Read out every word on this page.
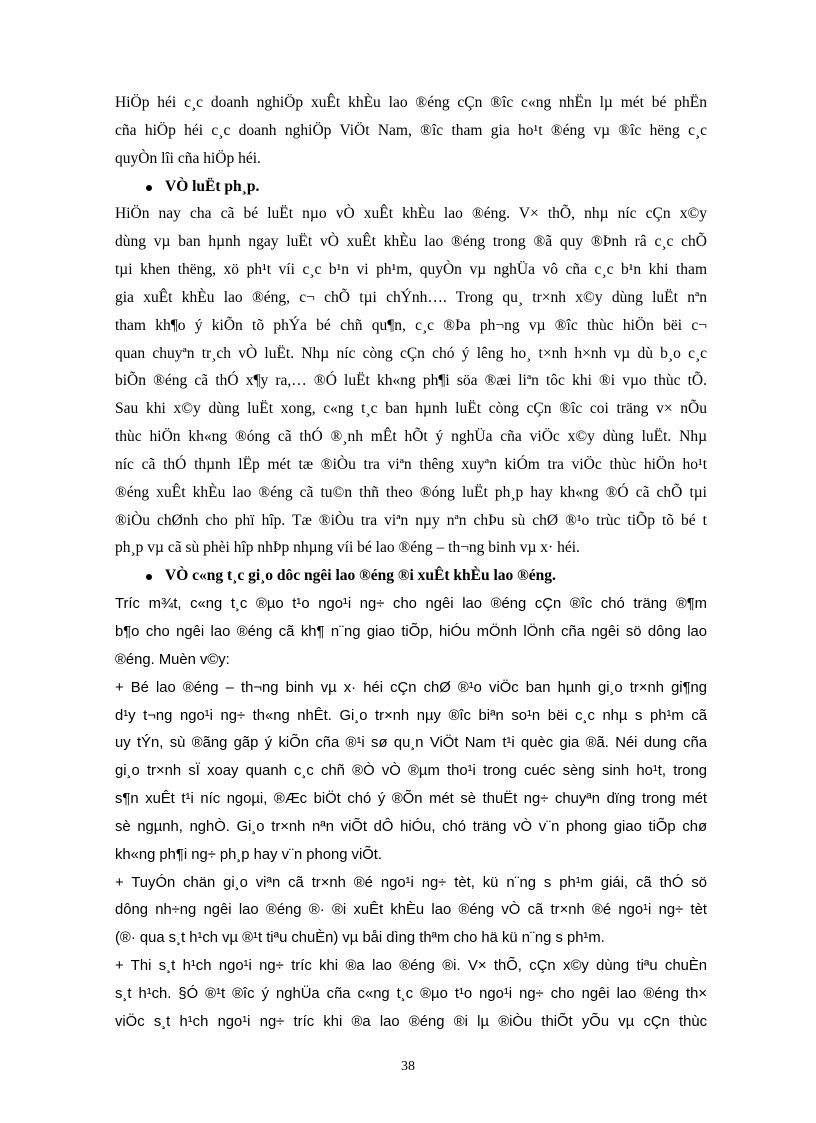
HiÖp héi c¸c doanh nghiÖp xuÊt khÈu lao ®éng cÇn ®îc c«ng nhËn lµ mét bé phËn
cña hiÖp héi c¸c doanh nghiÖp ViÖt Nam, ®îc tham gia ho¹t ®éng vµ ®îc hëng c¸c
quyÒn lîi cña hiÖp héi.
VÒ luËt ph¸p.
HiÖn nay cha cã bé luËt nµo vÒ xuÊt khÈu lao ®éng. V× thÕ, nhµ níc cÇn x©y
dùng vµ ban hµnh ngay luËt vÒ xuÊt khÈu lao ®éng trong ®ã quy ®Þnh râ c¸c chÕ
tµi khen thëng, xö ph¹t víi c¸c b¹n vi ph¹m, quyÒn vµ nghÜa vô cña c¸c b¹n khi tham
gia xuÊt khÈu lao ®éng, c¬ chÕ tµi chÝnh…. Trong qu¸ tr×nh x©y dùng luËt nªn
tham kh¶o ý kiÕn tõ phÝa bé chñ qu¶n, c¸c ®Þa ph¬ng vµ ®îc thùc hiÖn bëi c¬
quan chuyªn tr¸ch vÒ luËt. Nhµ níc còng cÇn chó ý lêng ho¸ t×nh h×nh vµ dù b¸o c¸c
biÕn ®éng cã thÓ x¶y ra,… ®Ó luËt kh«ng ph¶i söa ®æi liªn tôc khi ®i vµo thùc tÕ.
Sau khi x©y dùng luËt xong, c«ng t¸c ban hµnh luËt còng cÇn ®îc coi träng v× nÕu
thùc hiÖn kh«ng ®óng cã thÓ ®¸nh mÊt hÕt ý nghÜa cña viÖc x©y dùng luËt. Nhµ
níc cã thÓ thµnh lËp mét tæ ®iÒu tra viªn thêng xuyªn kiÓm tra viÖc thùc hiÖn ho¹t
®éng xuÊt khÈu lao ®éng cã tu©n thñ theo ®óng luËt ph¸p hay kh«ng ®Ó cã chÕ tµi
®iÒu chØnh cho phï hîp. Tæ ®iÒu tra viªn nµy nªn chÞu sù chØ ®¹o trùc tiÕp tõ bé t
ph¸p vµ cã sù phèi hîp nhÞp nhµng víi bé lao ®éng – th¬ng binh vµ x· héi.
VÒ c«ng t¸c gi¸o dôc ngêi lao ®éng ®i xuÊt khÈu lao ®éng.
Tríc m¾t, c«ng t¸c ®µo t¹o ngo¹i ng÷ cho ngêi lao ®éng cÇn ®îc chó träng ®¶m
b¶o cho ngêi lao ®éng cã kh¶ n¨ng giao tiÕp, hiÓu mÖnh lÖnh cña ngêi sö dông lao
®éng. Muèn v©y:
+ Bé lao ®éng – th¬ng binh vµ x· héi cÇn chØ ®¹o viÖc ban hµnh gi¸o tr×nh gi¶ng
d¹y t¬ng ngo¹i ng÷ th«ng nhÊt. Gi¸o tr×nh nµy ®îc biªn so¹n bëi c¸c nhµ s ph¹m cã
uy tÝn, sù ®ãng gãp ý kiÕn cña ®¹i sø qu¸n ViÖt Nam t¹i quèc gia ®ã. Néi dung cña
gi¸o tr×nh sÏ xoay quanh c¸c chñ ®Ò vÒ ®µm tho¹i trong cuéc sèng sinh ho¹t, trong
s¶n xuÊt t¹i níc ngoµi, ®Æc biÖt chó ý ®Õn mét sè thuËt ng÷ chuyªn dïng trong mét
sè ngµnh, nghÒ. Gi¸o tr×nh nªn viÕt dÔ hiÓu, chó träng vÒ v¨n phong giao tiÕp chø
kh«ng ph¶i ng÷ ph¸p hay v¨n phong viÕt.
+ TuyÓn chän gi¸o viªn cã tr×nh ®é ngo¹i ng÷ tèt, kü n¨ng s ph¹m giái, cã thÓ sö
dông nh÷ng ngêi lao ®éng ®· ®i xuÊt khÈu lao ®éng vÒ cã tr×nh ®é ngo¹i ng÷ tèt
(®· qua s¸t h¹ch vµ ®¹t tiªu chuÈn) vµ båi dìng thªm cho hä kü n¨ng s ph¹m.
+ Thi s¸t h¹ch ngo¹i ng÷ tríc khi ®a lao ®éng ®i. V× thÕ, cÇn x©y dùng tiªu chuÈn
s¸t h¹ch. §Ó ®¹t ®îc ý nghÜa cña c«ng t¸c ®µo t¹o ngo¹i ng÷ cho ngêi lao ®éng th×
viÖc s¸t h¹ch ngo¹i ng÷ tríc khi ®a lao ®éng ®i lµ ®iÒu thiÕt yÕu vµ cÇn thùc
38
